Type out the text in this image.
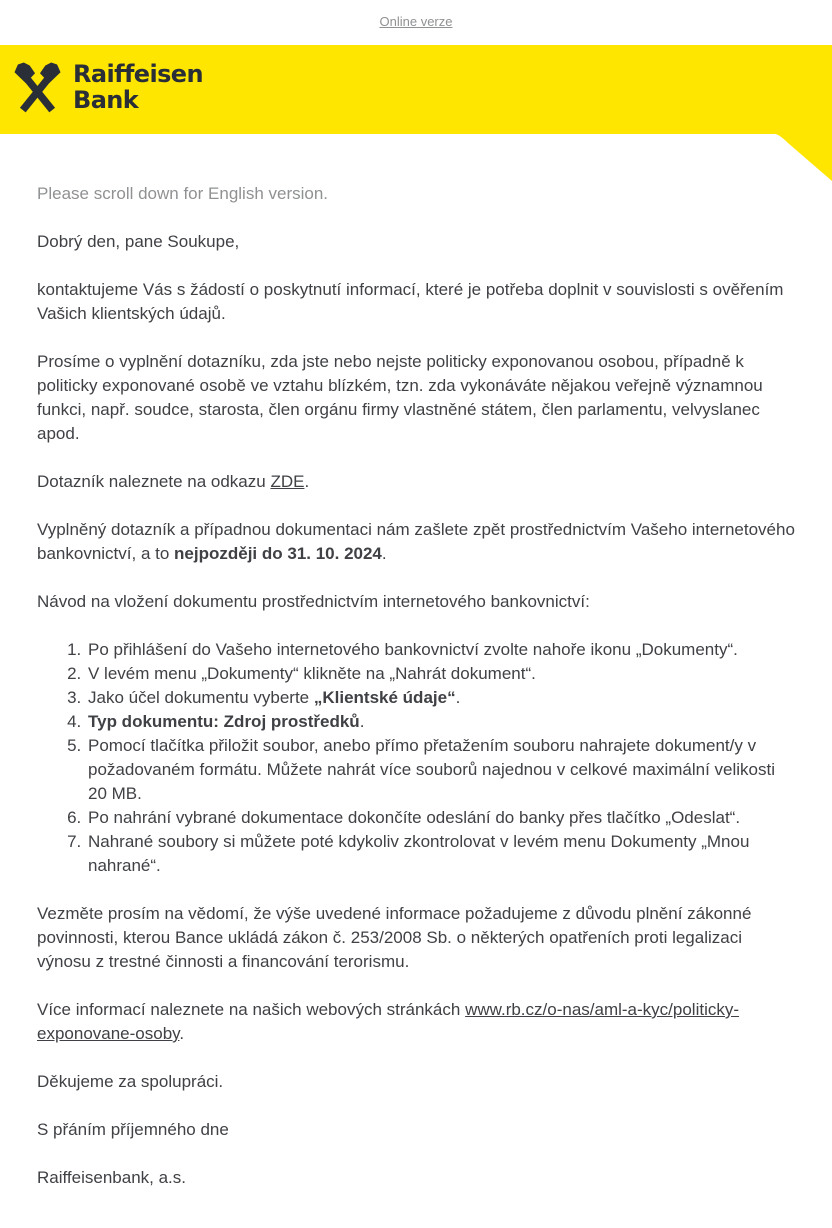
Online verze
Raiffeisen
Bank

Please scroll down for English version.

Dobrý den, pane Soukupe,

kontaktujeme Vás s žádostí o poskytnutí informací, které je potřeba doplnit v souvislosti s ověřením Vašich klientských údajů.

Prosíme o vyplnění dotazníku, zda jste nebo nejste politicky exponovanou osobou, případně k politicky exponované osobě ve vztahu blízkém, tzn. zda vykonáváte nějakou veřejně významnou funkci, např. soudce, starosta, člen orgánu firmy vlastněné státem, člen parlamentu, velvyslanec apod.

Dotazník naleznete na odkazu ZDE.

Vyplněný dotazník a případnou dokumentaci nám zašlete zpět prostřednictvím Vašeho internetového bankovnictví, a to nejpozději do 31. 10. 2024.

Návod na vložení dokumentu prostřednictvím internetového bankovnictví:

1. Po přihlášení do Vašeho internetového bankovnictví zvolte nahoře ikonu „Dokumenty“.
2. V levém menu „Dokumenty“ klikněte na „Nahrát dokument“.
3. Jako účel dokumentu vyberte „Klientské údaje“.
4. Typ dokumentu: Zdroj prostředků.
5. Pomocí tlačítka přiložit soubor, anebo přímo přetažením souboru nahrajete dokument/y v požadovaném formátu. Můžete nahrát více souborů najednou v celkové maximální velikosti 20 MB.
6. Po nahrání vybrané dokumentace dokončíte odeslání do banky přes tlačítko „Odeslat“.
7. Nahrané soubory si můžete poté kdykoliv zkontrolovat v levém menu Dokumenty „Mnou nahrané“.

Vezměte prosím na vědomí, že výše uvedené informace požadujeme z důvodu plnění zákonné povinnosti, kterou Bance ukládá zákon č. 253/2008 Sb. o některých opatřeních proti legalizaci výnosu z trestné činnosti a financování terorismu.

Více informací naleznete na našich webových stránkách www.rb.cz/o-nas/aml-a-kyc/politicky-exponovane-osoby.

Děkujeme za spolupráci.

S přáním příjemného dne

Raiffeisenbank, a.s.
